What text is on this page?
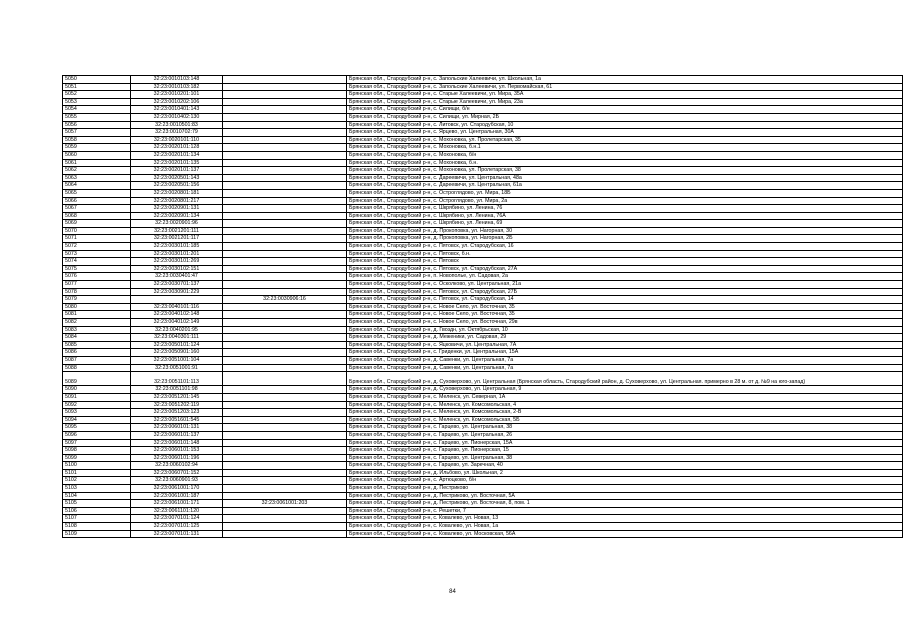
5050	32:23:0010103:148		Брянская обл., Стародубский р-н, с. Запольские Халеевичи, ул. Школьная, 1а
5051	32:23:0010103:182		Брянская обл., Стародубский р-н, с. Запольские Халеевичи, ул. Первомайская, 61
5052	32:23:0010201:101		Брянская обл., Стародубский р-н, с. Старые Халеевичи, ул. Мира, 35А
5053	32:23:0010202:106		Брянская обл., Стародубский р-н, с. Старые Халеевичи, ул. Мира, 23а
5054	32:23:0010401:143		Брянская обл., Стародубский р-н, с. Силищи, б/н
5055	32:23:0010402:130		Брянская обл., Стародубский р-н, с. Силищи, ул. Мирная, 2Б
5056	32:23:0010501:83		Брянская обл., Стародубский р-н, с. Литовск, ул. Стародубская, 10
5057	32:23:0010702:79		Брянская обл., Стародубский р-н, с. Ярцево, ул. Центральная, 30А
5058	32:23:0020101:110		Брянская обл., Стародубский р-н, с. Мохоновка, ул. Пролетарская, 35
5059	32:23:0020101:128		Брянская обл., Стародубский р-н, с. Мохоновка, б.н.1
5060	32:23:0020101:134		Брянская обл., Стародубский р-н, с. Мохоновка, б/н
5061	32:23:0020101:135		Брянская обл., Стародубский р-н, с. Мохоновка, б.н.
5062	32:23:0020101:137		Брянская обл., Стародубский р-н, с. Мохоновка, ул. Пролетарская, 38
5063	32:23:0020501:143		Брянская обл., Стародубский р-н, с. Дареевичи, ул. Центральная, 48а
5064	32:23:0020501:156		Брянская обл., Стародубский р-н, с. Дареевичи, ул. Центральная, 61а
5065	32:23:0020801:181		Брянская обл., Стародубский р-н, с. Остроглядово, ул. Мира, 18Б
5066	32:23:0020801:217		Брянская обл., Стародубский р-н, с. Остроглядово, ул. Мира, 2а
5067	32:23:0020901:131		Брянская обл., Стародубский р-н, с. Шкрябино, ул. Ленина, 76
5068	32:23:0020901:134		Брянская обл., Стародубский р-н, с. Шкрябино, ул. Ленина, 76А
5069	32:23:0020901:96		Брянская обл., Стародубский р-н, с. Шкрябино, ул. Ленина, 69
5070	32:23:0021201:111		Брянская обл., Стародубский р-н, д. Прокоповка, ул. Нагорная, 30
5071	32:23:0021201:117		Брянская обл., Стародубский р-н, д. Прокоповка, ул. Нагорная, 2Б
5072	32:23:0030101:185		Брянская обл., Стародубский р-н, с. Пятовск, ул. Стародубская, 16
5073	32:23:0030101:201		Брянская обл., Стародубский р-н, с. Пятовск, б.н.
5074	32:23:0030101:269		Брянская обл., Стародубский р-н, с. Пятовск
5075	32:23:0030102:151		Брянская обл., Стародубский р-н, с. Пятовск, ул. Стародубская, 27А
5076	32:23:0030401:47		Брянская обл., Стародубский р-н, п. Новополье, ул. Садовая, 2а
5077	32:23:0030701:137		Брянская обл., Стародубский р-н, с. Осколково, ул. Центральная, 21а
5078	32:23:0030901:229		Брянская обл., Стародубский р-н, с. Пятовск, ул. Стародубская, 27Б
5079		32:23:0030906:16	Брянская обл., Стародубский р-н, с. Пятовск, ул. Стародубская, 14
5080	32:23:0040101:116		Брянская обл., Стародубский р-н, с. Новое Село, ул. Восточная, 35
5081	32:23:0040102:148		Брянская обл., Стародубский р-н, с. Новое Село, ул. Восточная, 35
5082	32:23:0040102:149		Брянская обл., Стародубский р-н, с. Новое Село, ул. Восточная, 29в
5083	32:23:0040201:95		Брянская обл., Стародубский р-н, д. Гвоздн, ул. Октябрьская, 10
5084	32:23:0040301:111		Брянская обл., Стародубский р-н, д. Меженики, ул. Садовая, 29
5085	32:23:0050101:124		Брянская обл., Стародубский р-н, с. Яцковичи, ул. Центральная, 7А
5086	32:23:0050901:160		Брянская обл., Стародубский р-н, с. Гриденки, ул. Центральная, 15А
5087	32:23:0051001:104		Брянская обл., Стародубский р-н, д. Савенки, ул. Центральная, 7а
5088	32:23:0051001:91		Брянская обл., Стародубский р-н, д. Савенки, ул. Центральная, 7а
5089	32:23:0051101:113		Брянская обл., Стародубский р-н, д. Суховерхово, ул. Центральная (Брянская область, Стародубский район, д. Суховерхово, ул. Центральная. примерно в 28 м. от д. №9 на юго-запад)
5090	32:23:0051101:98		Брянская обл., Стародубский р-н, д. Суховерхово, ул. Центральная, 9
5091	32:23:0051201:145		Брянская обл., Стародубский р-н, с. Меленск, ул. Северная, 1А
5092	32:23:0051202:119		Брянская обл., Стародубский р-н, с. Меленск, ул. Комсомольская, 4
5093	32:23:0051203:123		Брянская обл., Стародубский р-н, с. Меленск, ул. Комсомольская, 2-В
5094	32:23:0051601:545		Брянская обл., Стародубский р-н, с. Меленск, ул. Комсомольская, 5Б
5095	32:23:0060101:131		Брянская обл., Стародубский р-н, с. Гарцево, ул. Центральная, 38
5096	32:23:0060101:137		Брянская обл., Стародубский р-н, с. Гарцево, ул. Центральная, 26
5097	32:23:0060101:148		Брянская обл., Стародубский р-н, с. Гарцево, ул. Пионерская, 15А
5098	32:23:0060101:153		Брянская обл., Стародубский р-н, с. Гарцево, ул. Пионерская, 15
5099	32:23:0060101:196		Брянская обл., Стародубский р-н, с. Гарцево, ул. Центральная, 38
5100	32:23:0060102:94		Брянская обл., Стародубский р-н, с. Гарцево, ул. Заречная, 40
5101	32:23:0060701:152		Брянская обл., Стародубский р-н, д. Ильбово, ул. Школьная, 2
5102	32:23:0060901:93		Брянская обл., Стародубский р-н, с. Артюцково, б/н
5103	32:23:0061001:170		Брянская обл., Стародубский р-н, д. Пестриково
5104	32:23:0061001:187		Брянская обл., Стародубский р-н, д. Пестриково, ул. Восточная, 5А
5105	32:23:0061001:171	32:23:0061001:203	Брянская обл., Стародубский р-н, д. Пестриково, ул. Восточная, 8, пом. 1
5106	32:23:0061101:120		Брянская обл., Стародубский р-н, с. Решетки, 7
5107	32:23:0070101:124		Брянская обл., Стародубский р-н, с. Ковалево, ул. Новая, 13
5108	32:23:0070101:125		Брянская обл., Стародубский р-н, с. Ковалево, ул. Новая, 1а
5109	32:23:0070101:131		Брянская обл., Стародубский р-н, с. Ковалево, ул. Московская, 56А
84
